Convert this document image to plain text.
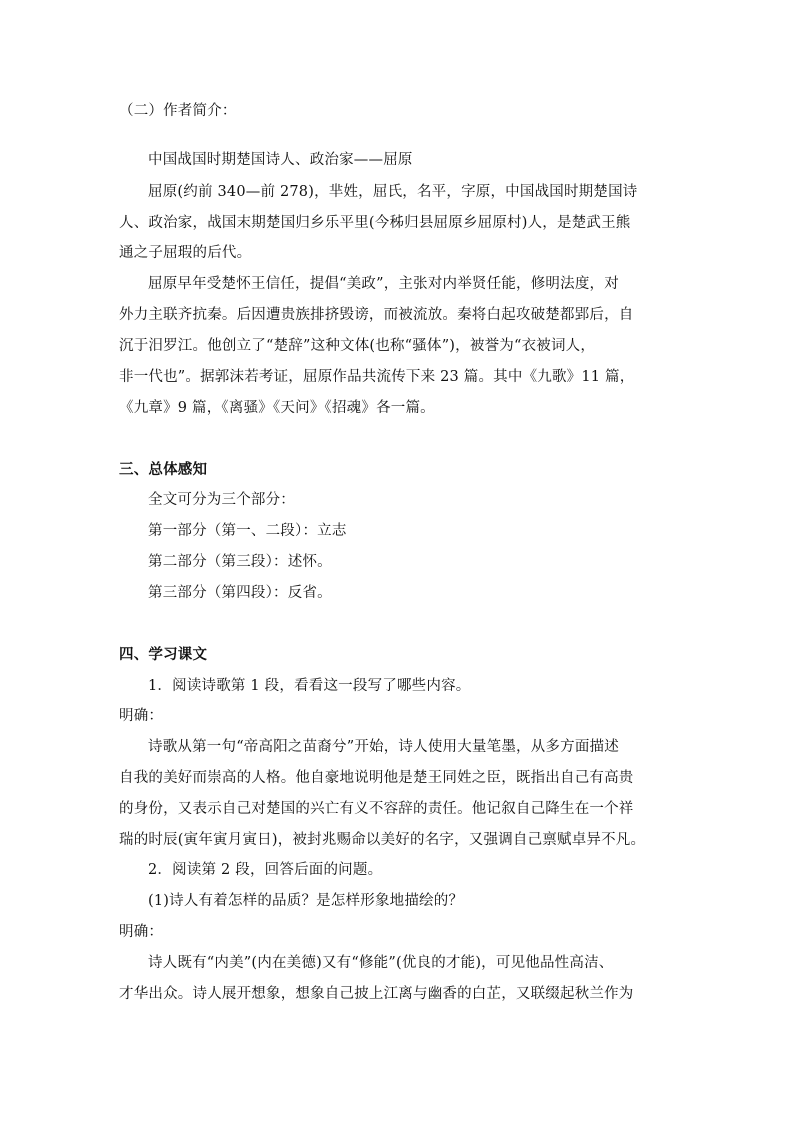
（二）作者简介：
中国战国时期楚国诗人、政治家——屈原
屈原(约前 340—前 278)，芈姓，屈氏，名平，字原，中国战国时期楚国诗
人、政治家，战国末期楚国归乡乐平里(今秭归县屈原乡屈原村)人，是楚武王熊
通之子屈瑕的后代。
屈原早年受楚怀王信任，提倡“美政”，主张对内举贤任能，修明法度，对
外力主联齐抗秦。后因遭贵族排挤毁谤，而被流放。秦将白起攻破楚都郢后，自
沉于汨罗江。他创立了“楚辞”这种文体(也称“骚体”)，被誉为“衣被词人，
非一代也”。据郭沫若考证，屈原作品共流传下来 23 篇。其中《九歌》11 篇，
《九章》9 篇，《离骚》《天问》《招魂》各一篇。
三、总体感知
全文可分为三个部分：
第一部分（第一、二段）：立志
第二部分（第三段）：述怀。
第三部分（第四段）：反省。
四、学习课文
1．阅读诗歌第 1 段，看看这一段写了哪些内容。
明确：
诗歌从第一句“帝高阳之苗裔兮”开始，诗人使用大量笔墨，从多方面描述
自我的美好而崇高的人格。他自豪地说明他是楚王同姓之臣，既指出自己有高贵
的身份，又表示自己对楚国的兴亡有义不容辞的责任。他记叙自己降生在一个祥
瑞的时辰(寅年寅月寅日)，被封兆赐命以美好的名字，又强调自己禀赋卓异不凡。
2．阅读第 2 段，回答后面的问题。
(1)诗人有着怎样的品质？是怎样形象地描绘的？
明确：
诗人既有“内美”(内在美德)又有“修能”(优良的才能)，可见他品性高洁、
才华出众。诗人展开想象，想象自己披上江离与幽香的白芷，又联缀起秋兰作为
